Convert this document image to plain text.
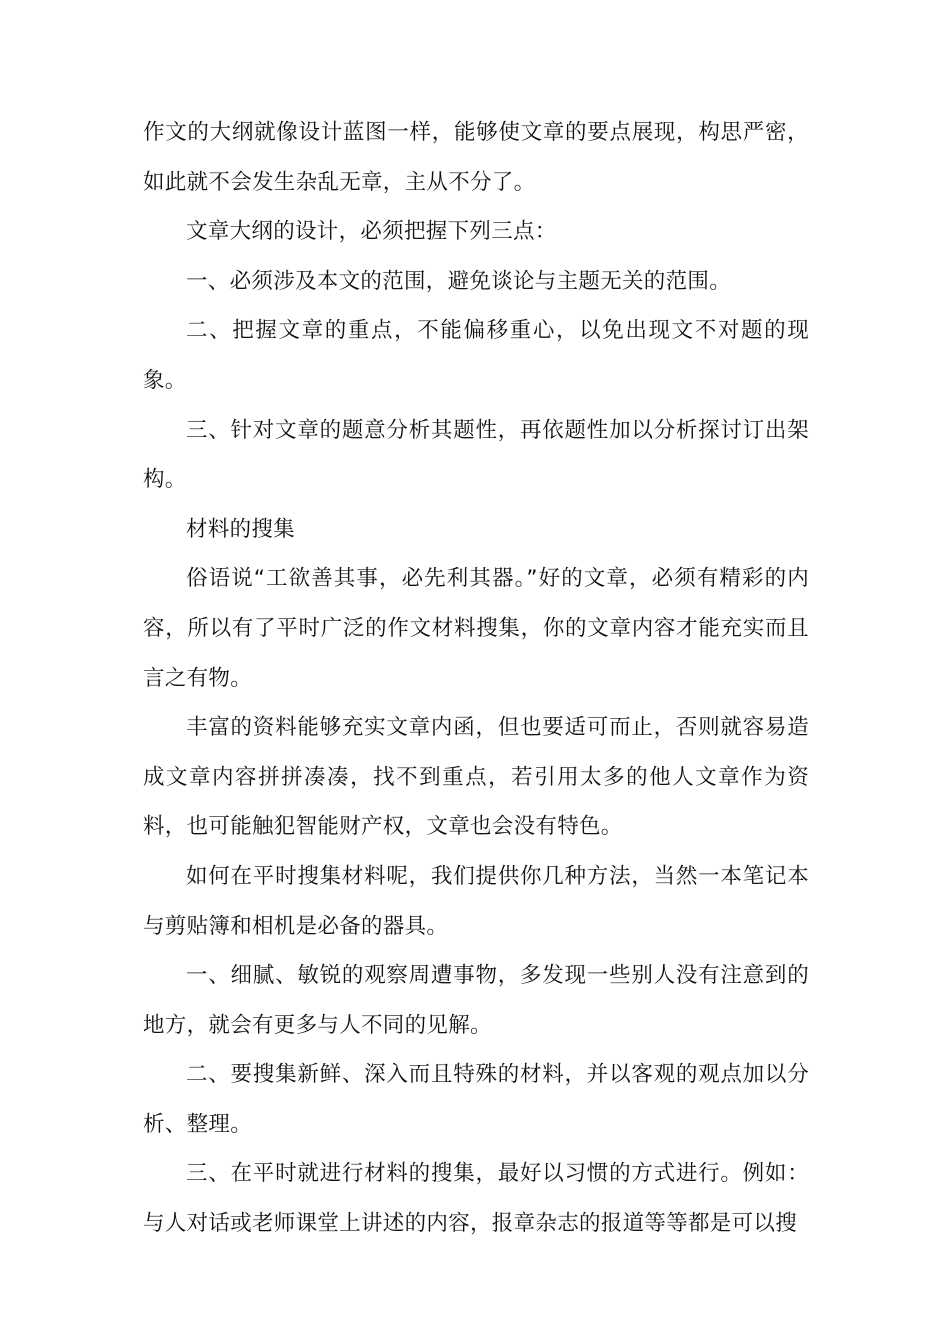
作文的大纲就像设计蓝图一样，能够使文章的要点展现，构思严密，如此就不会发生杂乱无章，主从不分了。

文章大纲的设计，必须把握下列三点：

一、必须涉及本文的范围，避免谈论与主题无关的范围。

二、把握文章的重点，不能偏移重心，以免出现文不对题的现象。

三、针对文章的题意分析其题性，再依题性加以分析探讨订出架构。

材料的搜集

俗语说“工欲善其事，必先利其器。”好的文章，必须有精彩的内容，所以有了平时广泛的作文材料搜集，你的文章内容才能充实而且言之有物。

丰富的资料能够充实文章内函，但也要适可而止，否则就容易造成文章内容拼拼凑凑，找不到重点，若引用太多的他人文章作为资料，也可能触犯智能财产权，文章也会没有特色。

如何在平时搜集材料呢，我们提供你几种方法，当然一本笔记本与剪贴簿和相机是必备的器具。

一、细腻、敏锐的观察周遭事物，多发现一些别人没有注意到的地方，就会有更多与人不同的见解。

二、要搜集新鲜、深入而且特殊的材料，并以客观的观点加以分析、整理。

三、在平时就进行材料的搜集，最好以习惯的方式进行。例如：与人对话或老师课堂上讲述的内容，报章杂志的报道等等都是可以搜
